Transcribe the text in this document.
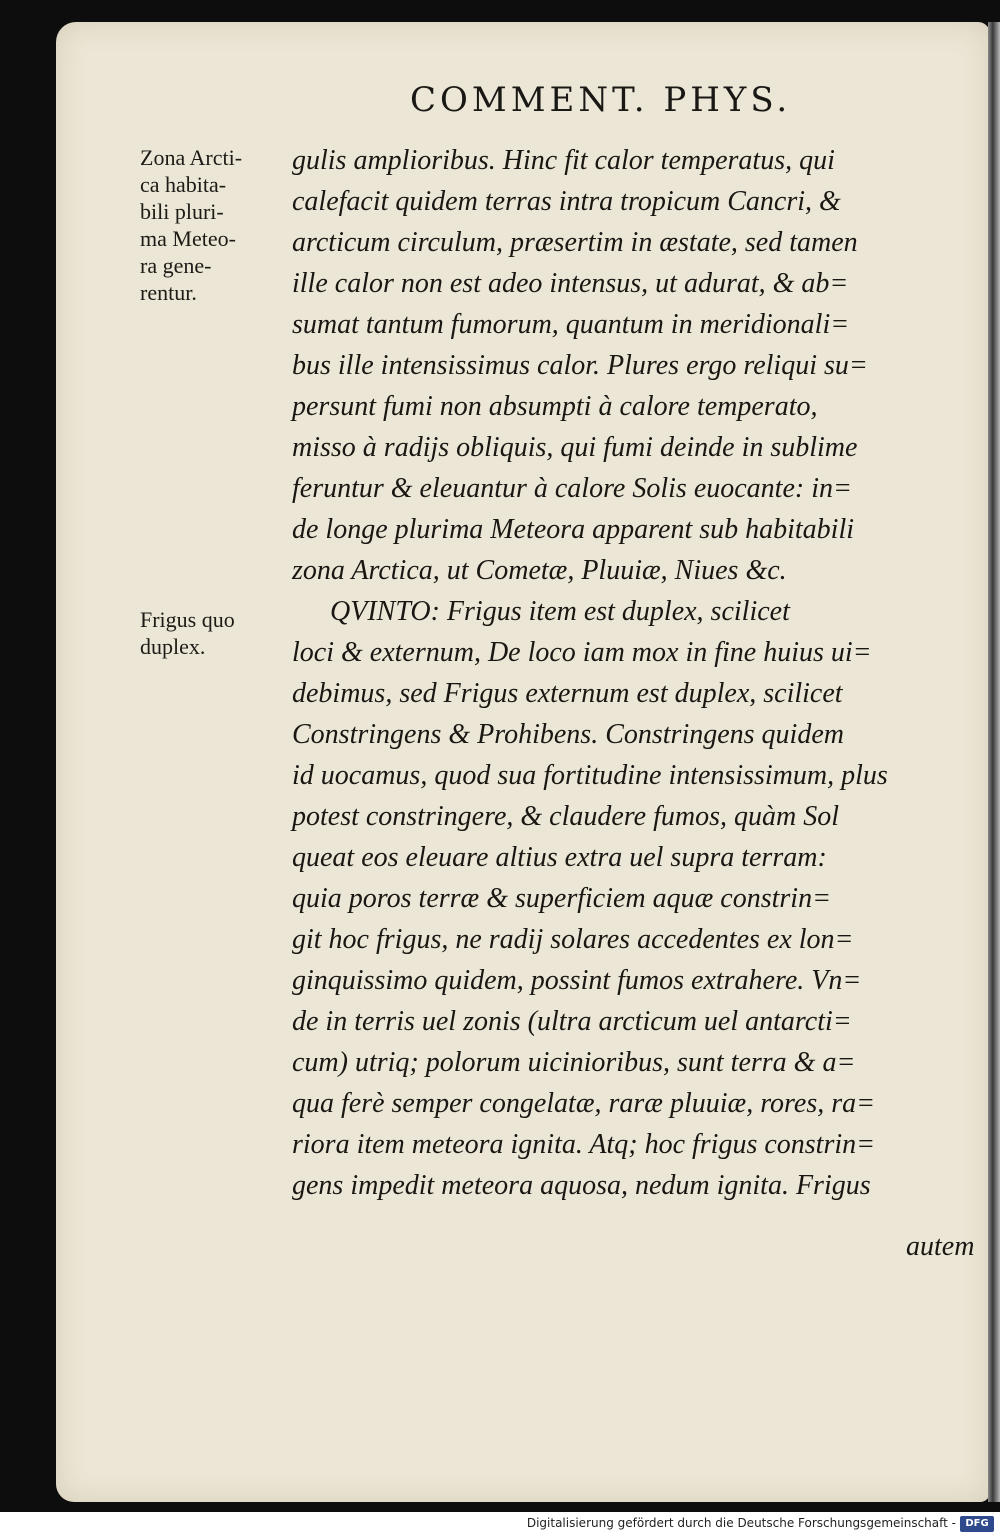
COMMENT. PHYS.
Zona Arcti-
ca habita-
bili pluri-
ma Meteo-
ra gene-
rentur.
Frigus quo
duplex.
gulis amplioribus. Hinc fit calor temperatus, qui
calefacit quidem terras intra tropicum Cancri, &
arcticum circulum, præsertim in æstate, sed tamen
ille calor non est adeo intensus, ut adurat, & ab=
sumat tantum fumorum, quantum in meridionali=
bus ille intensissimus calor. Plures ergo reliqui su=
persunt fumi non absumpti à calore temperato,
misso à radijs obliquis, qui fumi deinde in sublime
feruntur & eleuantur à calore Solis euocante: in=
de longe plurima Meteora apparent sub habitabili
zona Arctica, ut Cometæ, Pluuiæ, Niues &c.
QVINTO: Frigus item est duplex, scilicet
loci & externum, De loco iam mox in fine huius ui=
debimus, sed Frigus externum est duplex, scilicet
Constringens & Prohibens. Constringens quidem
id uocamus, quod sua fortitudine intensissimum, plus
potest constringere, & claudere fumos, quàm Sol
queat eos eleuare altius extra uel supra terram:
quia poros terræ & superficiem aquæ constrin=
git hoc frigus, ne radij solares accedentes ex lon=
ginquissimo quidem, possint fumos extrahere. Vn=
de in terris uel zonis (ultra arcticum uel antarcti=
cum) utriq; polorum uicinioribus, sunt terra & a=
qua ferè semper congelatæ, raræ pluuiæ, rores, ra=
riora item meteora ignita. Atq; hoc frigus constrin=
gens impedit meteora aquosa, nedum ignita. Frigus
autem
Digitalisierung gefördert durch die Deutsche Forschungsgemeinschaft - DFG
